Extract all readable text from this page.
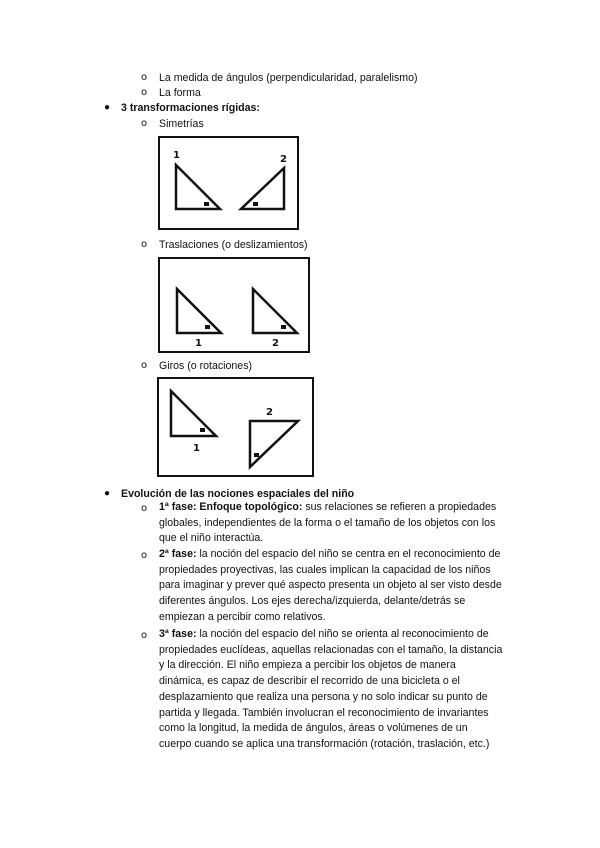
o La medida de ángulos (perpendicularidad, paralelismo)
o La forma
● 3 transformaciones rígidas:
o Simetrías
1	2
o Traslaciones (o deslizamientos)
1	2
o Giros (o rotaciones)
1
2
● Evolución de las nociones espaciales del niño
o 1ª fase: Enfoque topológico: sus relaciones se refieren a propiedades
globales, independientes de la forma o el tamaño de los objetos con los
que el niño interactúa.
o 2ª fase: la noción del espacio del niño se centra en el reconocimiento de
propiedades proyectivas, las cuales implican la capacidad de los niños
para imaginar y prever qué aspecto presenta un objeto al ser visto desde
diferentes ángulos. Los ejes derecha/izquierda, delante/detrás se
empiezan a percibir como relativos.
o 3ª fase: la noción del espacio del niño se orienta al reconocimiento de
propiedades euclídeas, aquellas relacionadas con el tamaño, la distancia
y la dirección. El niño empieza a percibir los objetos de manera
dinámica, es capaz de describir el recorrido de una bicicleta o el
desplazamiento que realiza una persona y no solo indicar su punto de
partida y llegada. También involucran el reconocimiento de invariantes
como la longitud, la medida de ángulos, áreas o volúmenes de un
cuerpo cuando se aplica una transformación (rotación, traslación, etc.)
